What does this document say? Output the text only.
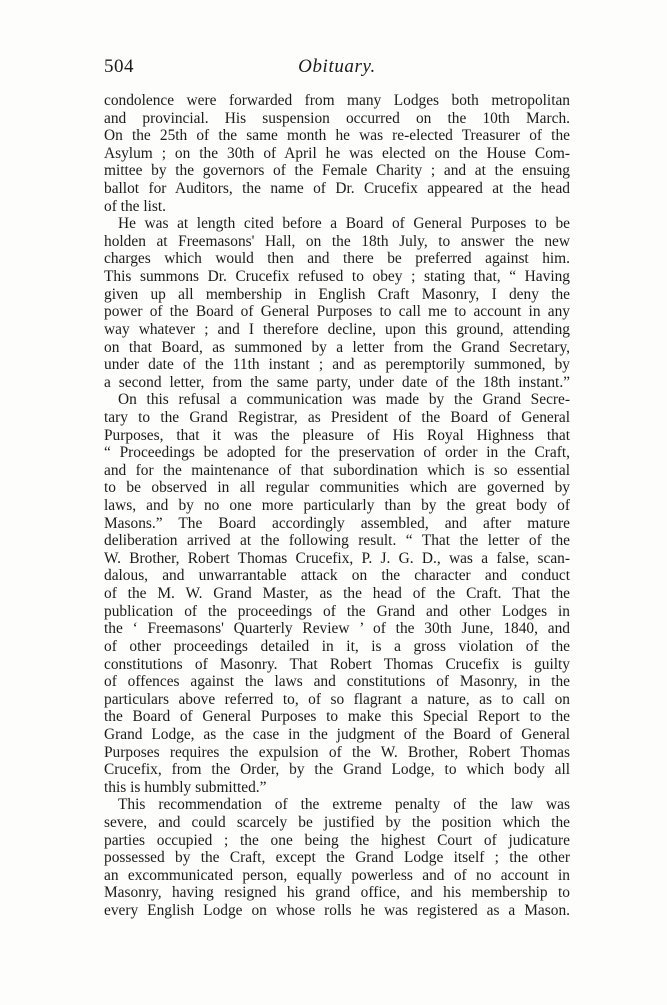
504	Obituary.
condolence were forwarded from many Lodges both metropolitan
and provincial. His suspension occurred on the 10th March.
On the 25th of the same month he was re-elected Treasurer of the
Asylum ; on the 30th of April he was elected on the House Com-
mittee by the governors of the Female Charity ; and at the ensuing
ballot for Auditors, the name of Dr. Crucefix appeared at the head
of the list.
He was at length cited before a Board of General Purposes to be
holden at Freemasons' Hall, on the 18th July, to answer the new
charges which would then and there be preferred against him.
This summons Dr. Crucefix refused to obey ; stating that, “ Having
given up all membership in English Craft Masonry, I deny the
power of the Board of General Purposes to call me to account in any
way whatever ; and I therefore decline, upon this ground, attending
on that Board, as summoned by a letter from the Grand Secretary,
under date of the 11th instant ; and as peremptorily summoned, by
a second letter, from the same party, under date of the 18th instant.”
On this refusal a communication was made by the Grand Secre-
tary to the Grand Registrar, as President of the Board of General
Purposes, that it was the pleasure of His Royal Highness that
“ Proceedings be adopted for the preservation of order in the Craft,
and for the maintenance of that subordination which is so essential
to be observed in all regular communities which are governed by
laws, and by no one more particularly than by the great body of
Masons.” The Board accordingly assembled, and after mature
deliberation arrived at the following result. “ That the letter of the
W. Brother, Robert Thomas Crucefix, P. J. G. D., was a false, scan-
dalous, and unwarrantable attack on the character and conduct
of the M. W. Grand Master, as the head of the Craft. That the
publication of the proceedings of the Grand and other Lodges in
the ‘ Freemasons' Quarterly Review ’ of the 30th June, 1840, and
of other proceedings detailed in it, is a gross violation of the
constitutions of Masonry. That Robert Thomas Crucefix is guilty
of offences against the laws and constitutions of Masonry, in the
particulars above referred to, of so flagrant a nature, as to call on
the Board of General Purposes to make this Special Report to the
Grand Lodge, as the case in the judgment of the Board of General
Purposes requires the expulsion of the W. Brother, Robert Thomas
Crucefix, from the Order, by the Grand Lodge, to which body all
this is humbly submitted.”
This recommendation of the extreme penalty of the law was
severe, and could scarcely be justified by the position which the
parties occupied ; the one being the highest Court of judicature
possessed by the Craft, except the Grand Lodge itself ; the other
an excommunicated person, equally powerless and of no account in
Masonry, having resigned his grand office, and his membership to
every English Lodge on whose rolls he was registered as a Mason.
